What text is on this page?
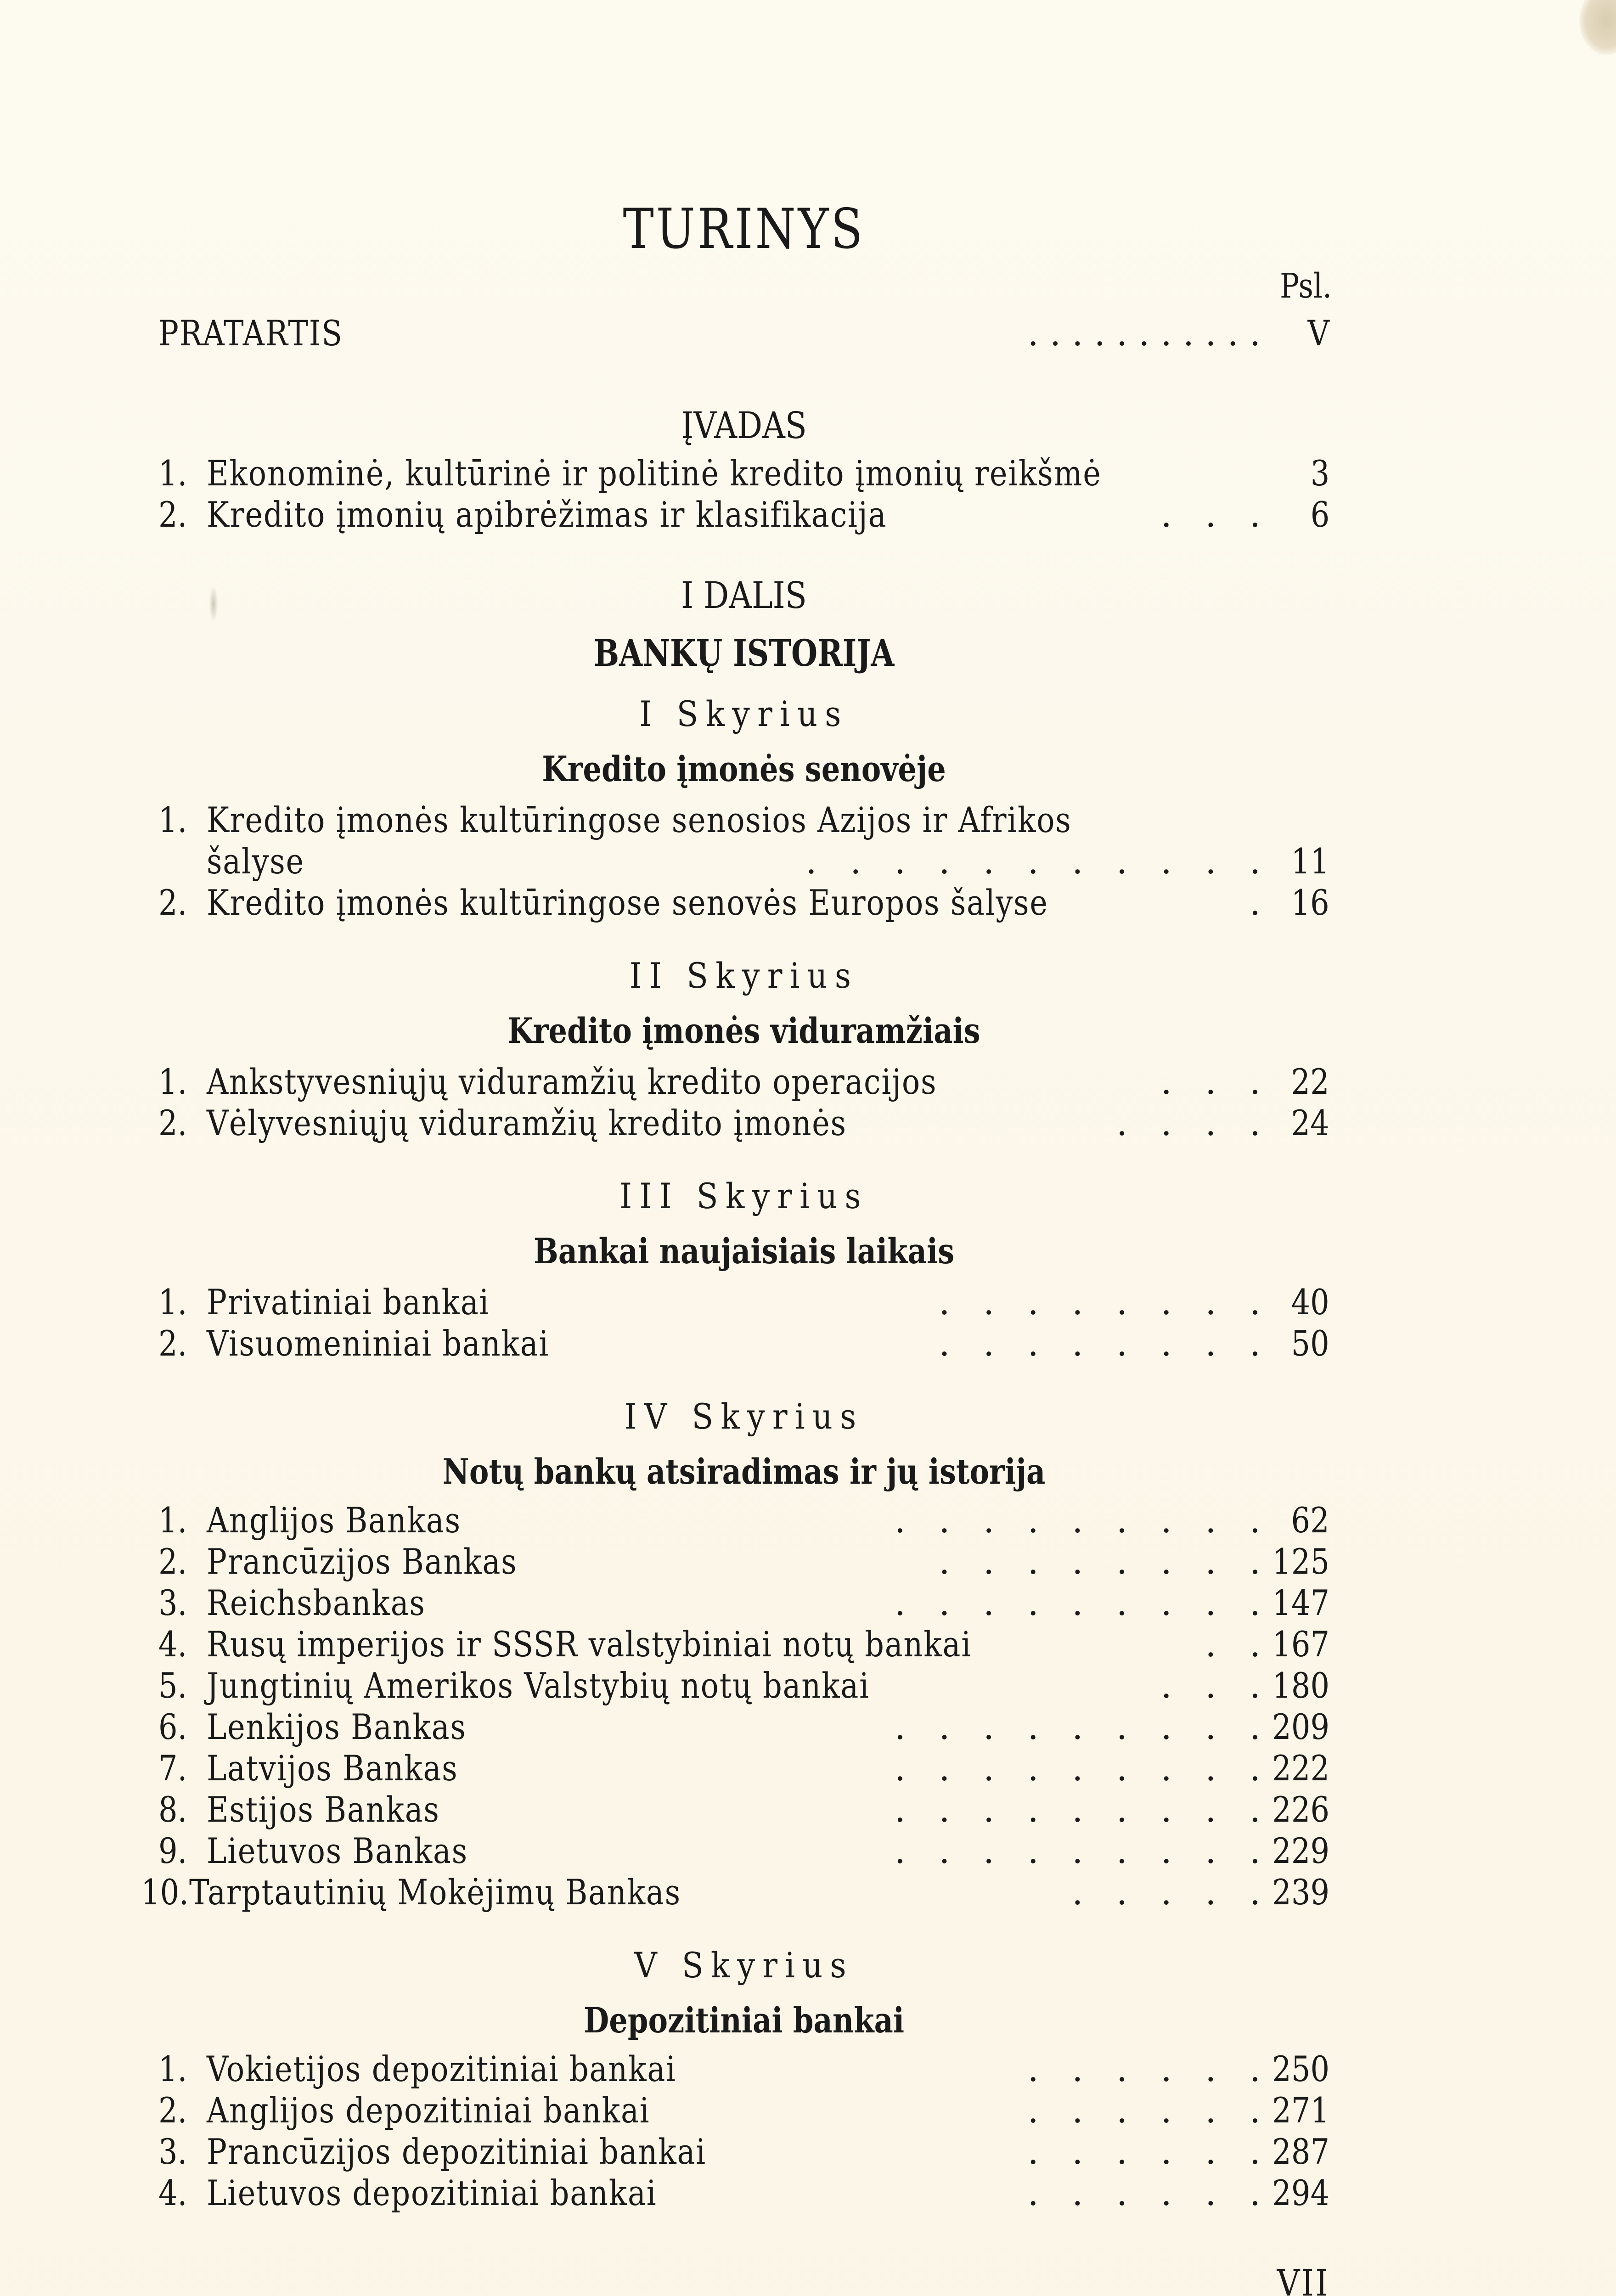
TURINYS
Psl.
PRATARTIS	. . . . . . . . . . .	V
ĮVADAS
1. Ekonominė, kultūrinė ir politinė kredito įmonių reikšmė	3
2. Kredito įmonių apibrėžimas ir klasifikacija	.   .   .	6
I DALIS
BANKŲ ISTORIJA
I Skyrius
Kredito įmonės senovėje
1. Kredito įmonės kultūringose senosios Azijos ir Afrikos
šalyse	.   .   .   .   .   .   .   .   .   .   . 11
2. Kredito įmonės kultūringose senovės Europos šalyse	. 16
II Skyrius
Kredito įmonės viduramžiais
1. Ankstyvesniųjų viduramžių kredito operacijos	.   .   . 22
2. Vėlyvesniųjų viduramžių kredito įmonės	.   .   .   . 24
III Skyrius
Bankai naujaisiais laikais
1. Privatiniai bankai	.   .   .   .   .   .   .   . 40
2. Visuomeniniai bankai	.   .   .   .   .   .   .   . 50
IV Skyrius
Notų bankų atsiradimas ir jų istorija
1. Anglijos Bankas	.   .   .   .   .   .   .   .   . 62
2. Prancūzijos Bankas	.   .   .   .   .   .   .   . 125
3. Reichsbankas	.   .   .   .   .   .   .   .   . 147
4. Rusų imperijos ir SSSR valstybiniai notų bankai	.   . 167
5. Jungtinių Amerikos Valstybių notų bankai	.   .   . 180
6. Lenkijos Bankas	.   .   .   .   .   .   .   .   . 209
7. Latvijos Bankas	.   .   .   .   .   .   .   .   . 222
8. Estijos Bankas	.   .   .   .   .   .   .   .   . 226
9. Lietuvos Bankas	.   .   .   .   .   .   .   .   . 229
10. Tarptautinių Mokėjimų Bankas	.   .   .   .   . 239
V Skyrius
Depozitiniai bankai
1. Vokietijos depozitiniai bankai	.   .   .   .   .   . 250
2. Anglijos depozitiniai bankai	.   .   .   .   .   . 271
3. Prancūzijos depozitiniai bankai	.   .   .   .   .   . 287
4. Lietuvos depozitiniai bankai	.   .   .   .   .   . 294
VII
